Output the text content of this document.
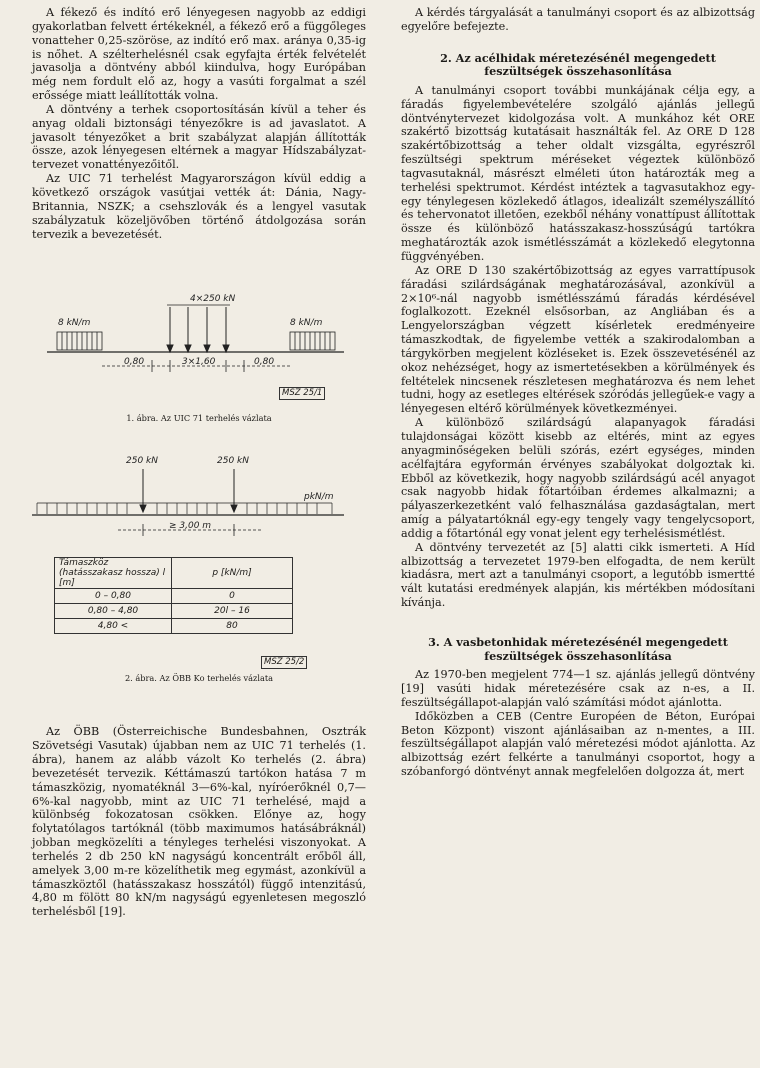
A fékező és indító erő lényegesen nagyobb az eddigi gyakorlatban felvett értékeknél, a fékező erő a függőleges vonatteher 0,25-szöröse, az indító erő max. aránya 0,35-ig is nőhet. A szélterhelésnél csak egyfajta érték felvételét javasolja a döntvény abból kiindulva, hogy Európában még nem fordult elő az, hogy a vasúti forgalmat a szél erőssége miatt leállították volna.

A döntvény a terhek csoportosításán kívül a teher és anyag oldali biztonsági tényezőkre is ad javaslatot. A javasolt tényezőket a brit szabályzat alapján állították össze, azok lényegesen eltérnek a magyar Hídszabályzat-tervezet vonattényezőitől.

Az UIC 71 terhelést Magyarországon kívül eddig a következő országok vasútjai vették át: Dánia, Nagy-Britannia, NSZK; a csehszlovák és a lengyel vasutak szabályzatuk közeljövőben történő átdolgozása során tervezik a bevezetését.

4×250 kN
8 kN/m	8 kN/m
0,80	3×1,60	0,80
MSZ 25/1
1. ábra. Az UIC 71 terhelés vázlata
250 kN	250 kN
pkN/m
≥ 3,00 m
Támaszköz (hatásszakasz hossza) l [m]	p [kN/m]
0 – 0,80	0
0,80 – 4,80	20l – 16
4,80 <	80
MSZ 25/2
2. ábra. Az ÖBB Ko terhelés vázlata

Az ÖBB (Österreichische Bundesbahnen, Osztrák Szövetségi Vasutak) újabban nem az UIC 71 terhelés (1. ábra), hanem az alább vázolt Ko terhelés (2. ábra) bevezetését tervezik. Kéttámaszú tartókon hatása 7 m támaszközig, nyomatéknál 3—6%-kal, nyíróerőknél 0,7—6%-kal nagyobb, mint az UIC 71 terhelésé, majd a különbség fokozatosan csökken. Előnye az, hogy folytatólagos tartóknál (több maximumos hatásábráknál) jobban megközelíti a tényleges terhelési viszonyokat. A terhelés 2 db 250 kN nagyságú koncentrált erőből áll, amelyek 3,00 m-re közelíthetik meg egymást, azonkívül a támaszköztől (hatásszakasz hosszától) függő intenzitású, 4,80 m fölött 80 kN/m nagyságú egyenletesen megoszló terhelésből [19].

A kérdés tárgyalását a tanulmányi csoport és az albizottság egyelőre befejezte.

2. Az acélhidak méretezésénél megengedett feszültségek összehasonlítása

A tanulmányi csoport további munkájának célja egy, a fáradás figyelembevételére szolgáló ajánlás jellegű döntvénytervezet kidolgozása volt. A munkához két ORE szakértő bizottság kutatásait használták fel. Az ORE D 128 szakértőbizottság a teher oldalt vizsgálta, egyrészről feszültségi spektrum méréseket végeztek különböző tagvasutaknál, másrészt elméleti úton határozták meg a terhelési spektrumot. Kérdést intéztek a tagvasutakhoz egy-egy ténylegesen közlekedő átlagos, idealizált személyszállító és tehervonatot illetően, ezekből néhány vonattípust állítottak össze és különböző hatásszakasz-hosszúságú tartókra meghatározták azok ismétlésszámát a közlekedő elegytonna függvényében.

Az ORE D 130 szakértőbizottság az egyes varrattípusok fáradási szilárdságának meghatározásával, azonkívül a 2×10⁶-nál nagyobb ismétlésszámú fáradás kérdésével foglalkozott. Ezeknél elsősorban, az Angliában és a Lengyelországban végzett kísérletek eredményeire támaszkodtak, de figyelembe vették a szakirodalomban a tárgykörben megjelent közléseket is. Ezek összevetésénél az okoz nehézséget, hogy az ismertetésekben a körülmények és feltételek nincsenek részletesen meghatározva és nem lehet tudni, hogy az esetleges eltérések szóródás jellegűek-e vagy a lényegesen eltérő körülmények következményei.

A különböző szilárdságú alapanyagok fáradási tulajdonságai között kisebb az eltérés, mint az egyes anyagminőségeken belüli szórás, ezért egységes, minden acélfajtára egyformán érvényes szabályokat dolgoztak ki. Ebből az következik, hogy nagyobb szilárdságú acél anyagot csak nagyobb hidak főtartóiban érdemes alkalmazni; a pályaszerkezetként való felhasználása gazdaságtalan, mert amíg a pályatartóknál egy-egy tengely vagy tengelycsoport, addig a főtartónál egy vonat jelent egy terhelésismétlést.

A döntvény tervezetét az [5] alatti cikk ismerteti. A Híd albizottság a tervezetet 1979-ben elfogadta, de nem került kiadásra, mert azt a tanulmányi csoport, a legutóbb ismertté vált kutatási eredmények alapján, kis mértékben módosítani kívánja.

3. A vasbetonhidak méretezésénél megengedett feszültségek összehasonlítása

Az 1970-ben megjelent 774—1 sz. ajánlás jellegű döntvény [19] vasúti hidak méretezésére csak az n-es, a II. feszültségállapot-alapján való számítási módot ajánlotta.

Időközben a CEB (Centre Européen de Béton, Európai Beton Központ) viszont ajánlásaiban az n-mentes, a III. feszültségállapot alapján való méretezési módot ajánlotta. Az albizottság ezért felkérte a tanulmányi csoportot, hogy a szóbanforgó döntvényt annak megfelelően dolgozza át, mert
